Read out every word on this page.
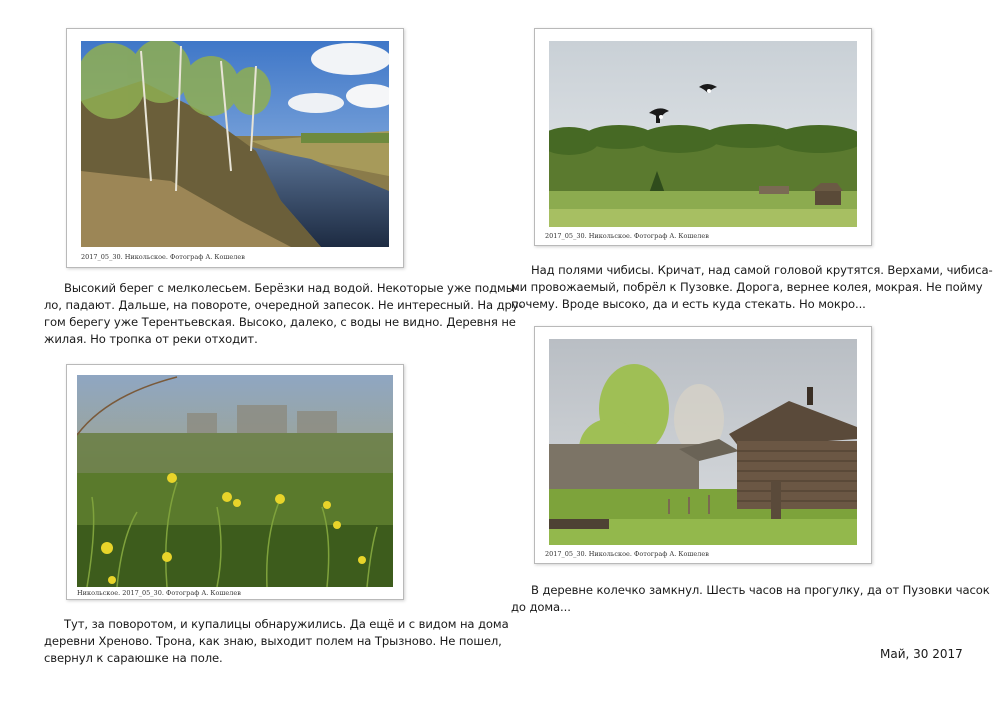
2017_05_30. Никольское. Фотограф А. Кошелев
2017_05_30. Никольское. Фотограф А. Кошелев
Высокий берег с мелколесьем. Берёзки над водой. Некоторые уже подмы-
ло, падают. Дальше, на повороте, очередной запесок. Не интересный. На дру-
гом берегу уже Терентьевская. Высоко, далеко, с воды не видно. Деревня не
жилая. Но тропка от реки отходит.
Над полями чибисы. Кричат, над самой головой крутятся. Верхами, чибиса-
ми провожаемый, побрёл к Пузовке. Дорога, вернее колея, мокрая. Не пойму
почему. Вроде высоко, да и есть куда стекать. Но мокро...
Никольское. 2017_05_30. Фотограф А. Кошелев
2017_05_30. Никольское. Фотограф А. Кошелев
Тут, за поворотом, и купалицы обнаружились. Да ещё и с видом на дома
деревни Хреново. Трона, как знаю, выходит полем на Трызново. Не пошел,
свернул к сараюшке на поле.
В деревне колечко замкнул. Шесть часов на прогулку, да от Пузовки часок
до дома...
Май, 30 2017
